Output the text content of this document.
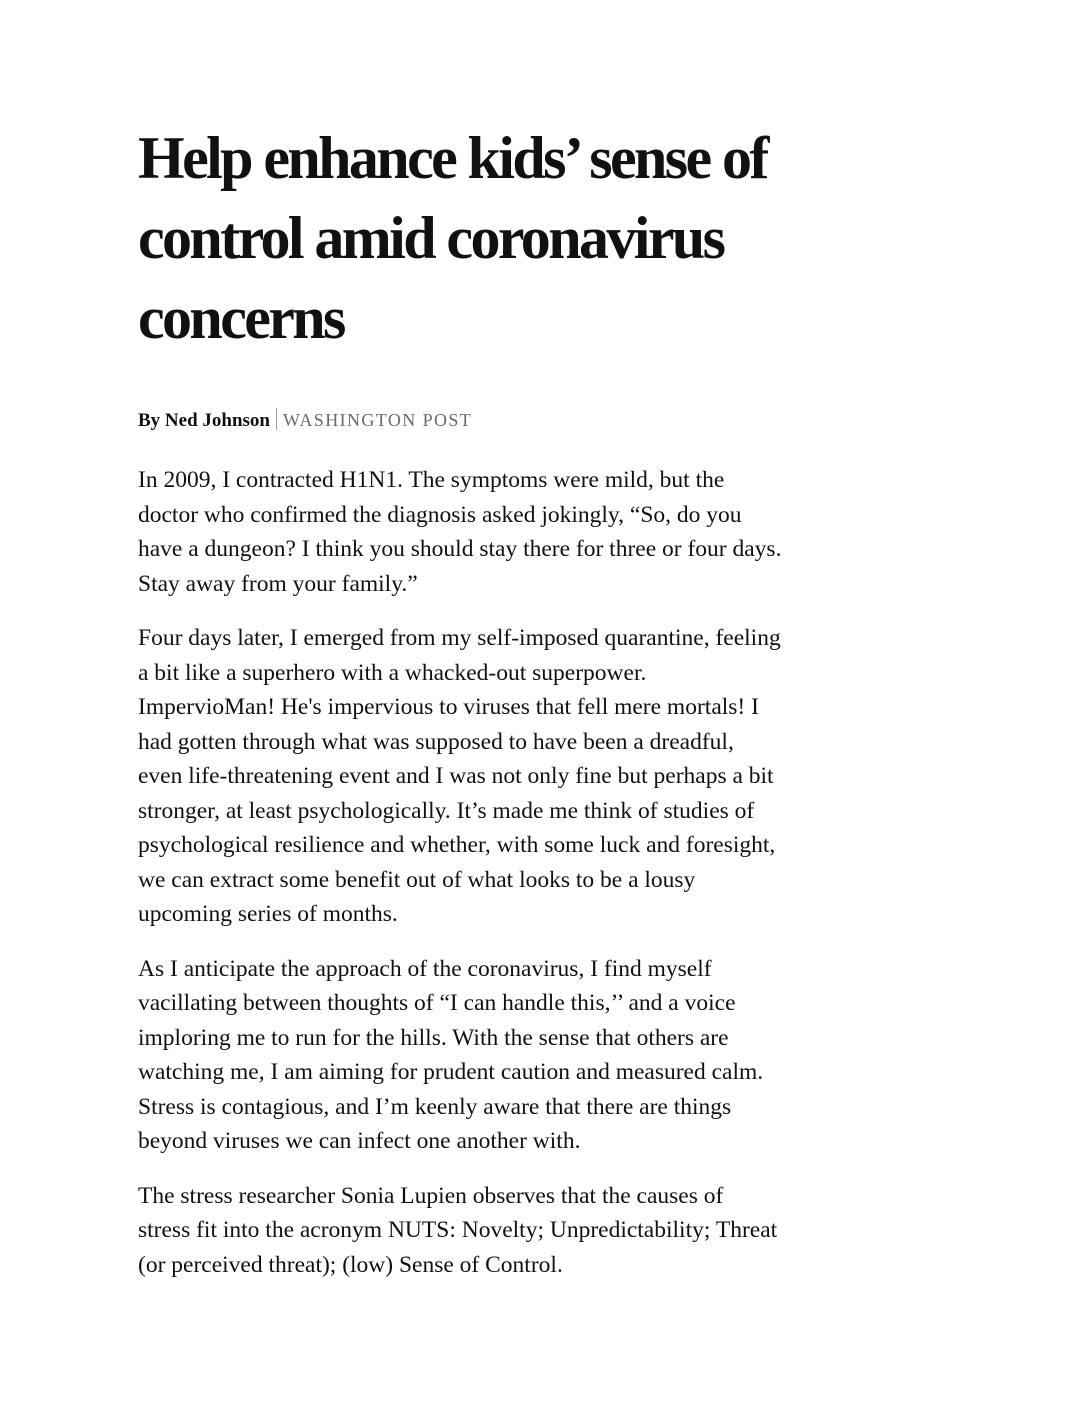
Help enhance kids’ sense of
control amid coronavirus
concerns
By Ned Johnson WASHINGTON POST

In 2009, I contracted H1N1. The symptoms were mild, but the
doctor who confirmed the diagnosis asked jokingly, “So, do you
have a dungeon? I think you should stay there for three or four days.
Stay away from your family.”

Four days later, I emerged from my self-imposed quarantine, feeling
a bit like a superhero with a whacked-out superpower.
ImpervioMan! He's impervious to viruses that fell mere mortals! I
had gotten through what was supposed to have been a dreadful,
even life-threatening event and I was not only fine but perhaps a bit
stronger, at least psychologically. It’s made me think of studies of
psychological resilience and whether, with some luck and foresight,
we can extract some benefit out of what looks to be a lousy
upcoming series of months.

As I anticipate the approach of the coronavirus, I find myself
vacillating between thoughts of “I can handle this,’’ and a voice
imploring me to run for the hills. With the sense that others are
watching me, I am aiming for prudent caution and measured calm.
Stress is contagious, and I’m keenly aware that there are things
beyond viruses we can infect one another with.

The stress researcher Sonia Lupien observes that the causes of
stress fit into the acronym NUTS: Novelty; Unpredictability; Threat
(or perceived threat); (low) Sense of Control.
